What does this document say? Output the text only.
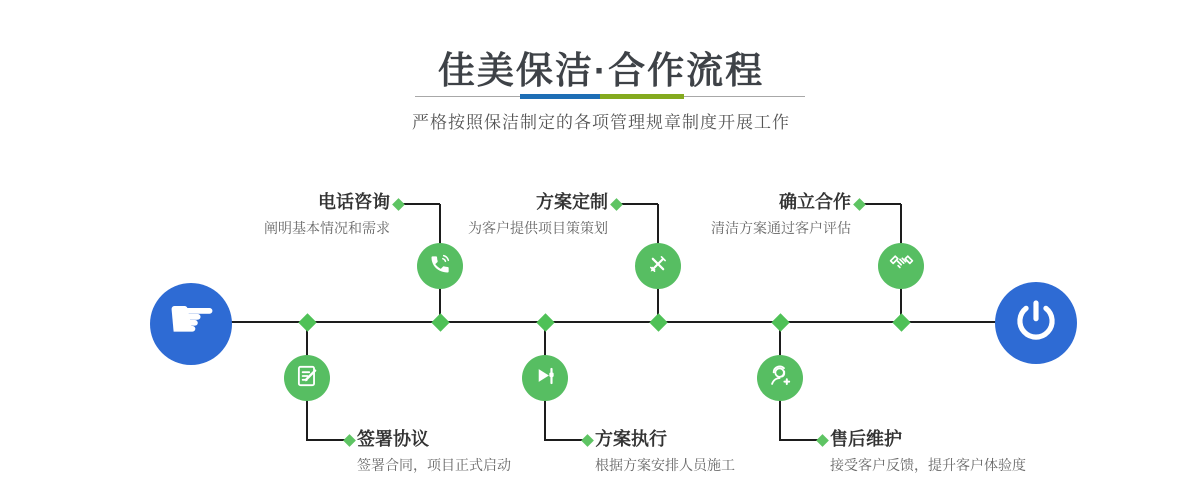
佳美保洁·合作流程
严格按照保洁制定的各项管理规章制度开展工作
签署协议
签署合同，项目正式启动
电话咨询
阐明基本情况和需求
方案执行
根据方案安排人员施工
方案定制
为客户提供项目策策划
售后维护
接受客户反馈，提升客户体验度
确立合作
清洁方案通过客户评估
☛
